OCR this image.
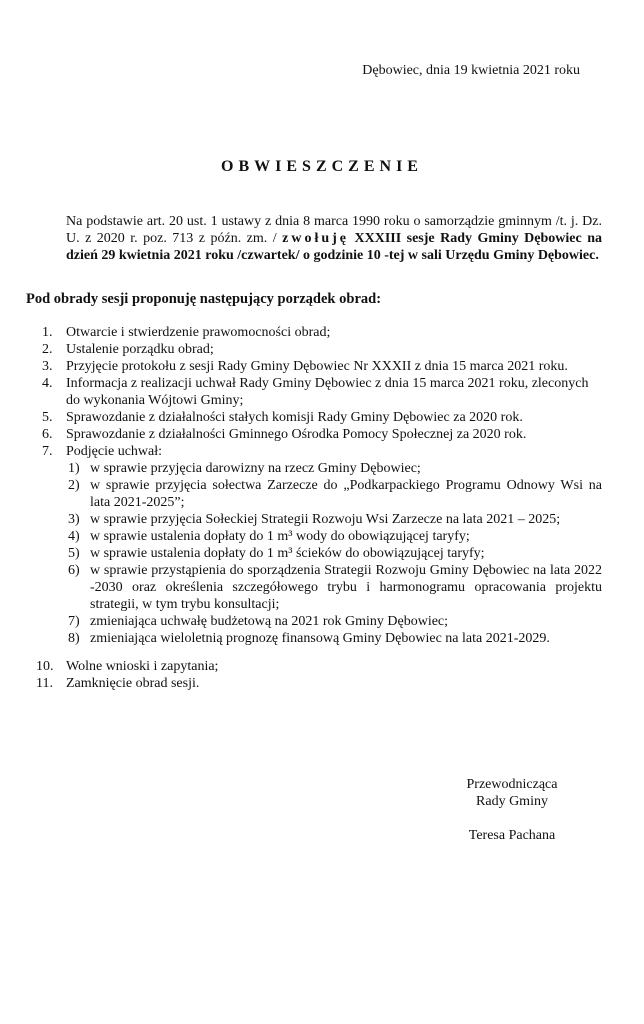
Dębowiec, dnia 19 kwietnia 2021 roku
OBWIESZCZENIE

Na podstawie art. 20 ust. 1 ustawy z dnia 8 marca 1990 roku o samorządzie gminnym /t. j. Dz. U. z 2020 r. poz. 713 z późn. zm. / zwołuję XXXIII sesje Rady Gminy Dębowiec na dzień 29 kwietnia 2021 roku /czwartek/ o godzinie 10 -tej w sali Urzędu Gminy Dębowiec.

Pod obrady sesji proponuję następujący porządek obrad:
1. Otwarcie i stwierdzenie prawomocności obrad;
2. Ustalenie porządku obrad;
3. Przyjęcie protokołu z sesji Rady Gminy Dębowiec Nr XXXII z dnia 15 marca 2021 roku.
4. Informacja z realizacji uchwał Rady Gminy Dębowiec z dnia 15 marca 2021 roku, zleconych do wykonania Wójtowi Gminy;
5. Sprawozdanie z działalności stałych komisji Rady Gminy Dębowiec za 2020 rok.
6. Sprawozdanie z działalności Gminnego Ośrodka Pomocy Społecznej za 2020 rok.
7. Podjęcie uchwał:
1) w sprawie przyjęcia darowizny na rzecz Gminy Dębowiec;
2) w sprawie przyjęcia sołectwa Zarzecze do „Podkarpackiego Programu Odnowy Wsi na lata 2021-2025”;
3) w sprawie przyjęcia Sołeckiej Strategii Rozwoju Wsi Zarzecze na lata 2021 – 2025;
4) w sprawie ustalenia dopłaty do 1 m³ wody do obowiązującej taryfy;
5) w sprawie ustalenia dopłaty do 1 m³ ścieków do obowiązującej taryfy;
6) w sprawie przystąpienia do sporządzenia Strategii Rozwoju Gminy Dębowiec na lata 2022 -2030 oraz określenia szczegółowego trybu i harmonogramu opracowania projektu strategii, w tym trybu konsultacji;
7) zmieniająca uchwałę budżetową na 2021 rok Gminy Dębowiec;
8) zmieniająca wieloletnią prognozę finansową Gminy Dębowiec na lata 2021-2029.
10. Wolne wnioski i zapytania;
11. Zamknięcie obrad sesji.
Przewodnicząca
Rady Gminy
Teresa Pachana
